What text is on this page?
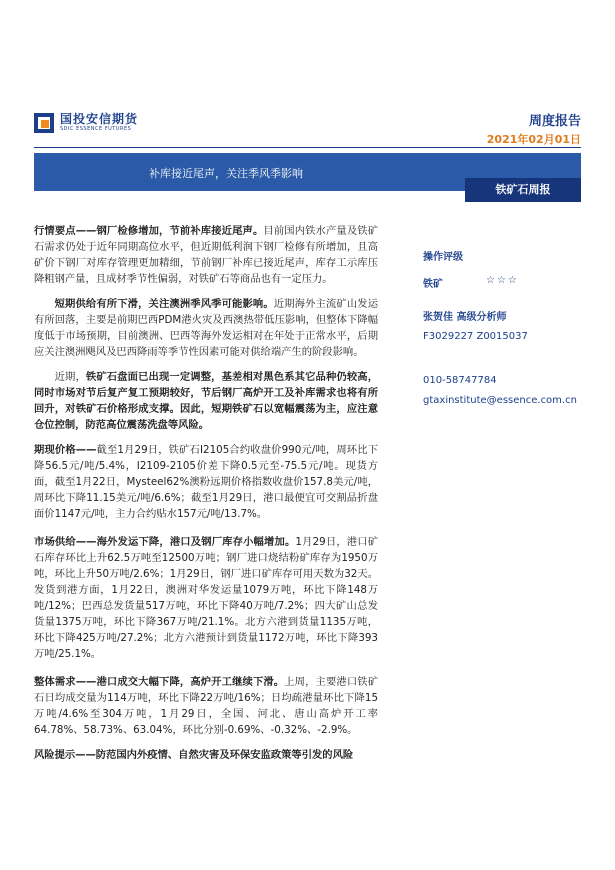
国投安信期货
SDIC ESSENCE FUTURES	周度报告
2021年02月01日
补库接近尾声，关注季风季影响
铁矿石周报

行情要点——钢厂检修增加，节前补库接近尾声。目前国内铁水产量及铁矿石需求仍处于近年同期高位水平，但近期低利润下钢厂检修有所增加，且高矿价下钢厂对库存管理更加精细，节前钢厂补库已接近尾声，库存工示库压降粗钢产量，且成材季节性偏弱，对铁矿石等商品也有一定压力。

短期供给有所下滑，关注澳洲季风季可能影响。近期海外主流矿山发运有所回落，主要是前期巴西PDM港火灾及西澳热带低压影响，但整体下降幅度低于市场预期，目前澳洲、巴西等海外发运相对在年处于正常水平，后期应关注澳洲飓风及巴西降雨等季节性因素可能对供给端产生的阶段影响。

近期，铁矿石盘面已出现一定调整，基差相对黑色系其它品种仍较高，同时市场对节后复产复工预期较好，节后钢厂高炉开工及补库需求也将有所回升，对铁矿石价格形成支撑。因此，短期铁矿石以宽幅震荡为主，应注意仓位控制，防范高位震荡洗盘等风险。

期现价格——截至1月29日，铁矿石I2105合约收盘价990元/吨，周环比下降56.5元/吨/5.4%，I2109-2105价差下降0.5元至-75.5元/吨。现货方面，截至1月22日，Mysteel62%澳粉远期价格指数收盘价157.8美元/吨，周环比下降11.15美元/吨/6.6%；截至1月29日，港口最便宜可交割品折盘面价1147元/吨，主力合约贴水157元/吨/13.7%。

市场供给——海外发运下降，港口及钢厂库存小幅增加。1月29日，港口矿石库存环比上升62.5万吨至12500万吨；钢厂进口烧结粉矿库存为1950万吨，环比上升50万吨/2.6%；1月29日，钢厂进口矿库存可用天数为32天。发货到港方面，1月22日，澳洲对华发运量1079万吨，环比下降148万吨/12%；巴西总发货量517万吨，环比下降40万吨/7.2%；四大矿山总发货量1375万吨，环比下降367万吨/21.1%。北方六港到货量1135万吨，环比下降425万吨/27.2%；北方六港预计到货量1172万吨，环比下降393万吨/25.1%。

整体需求——港口成交大幅下降，高炉开工继续下滑。上周，主要港口铁矿石日均成交量为114万吨，环比下降22万吨/16%；日均疏港量环比下降15万吨/4.6%至304万吨，1月29日，全国、河北、唐山高炉开工率64.78%、58.73%、63.04%，环比分别-0.69%、-0.32%、-2.9%。

风险提示——防范国内外疫情、自然灾害及环保安监政策等引发的风险

操作评级
铁矿	☆☆☆
张贺佳 高级分析师
F3029227 Z0015037
010-58747784
gtaxinstitute@essence.com.cn
